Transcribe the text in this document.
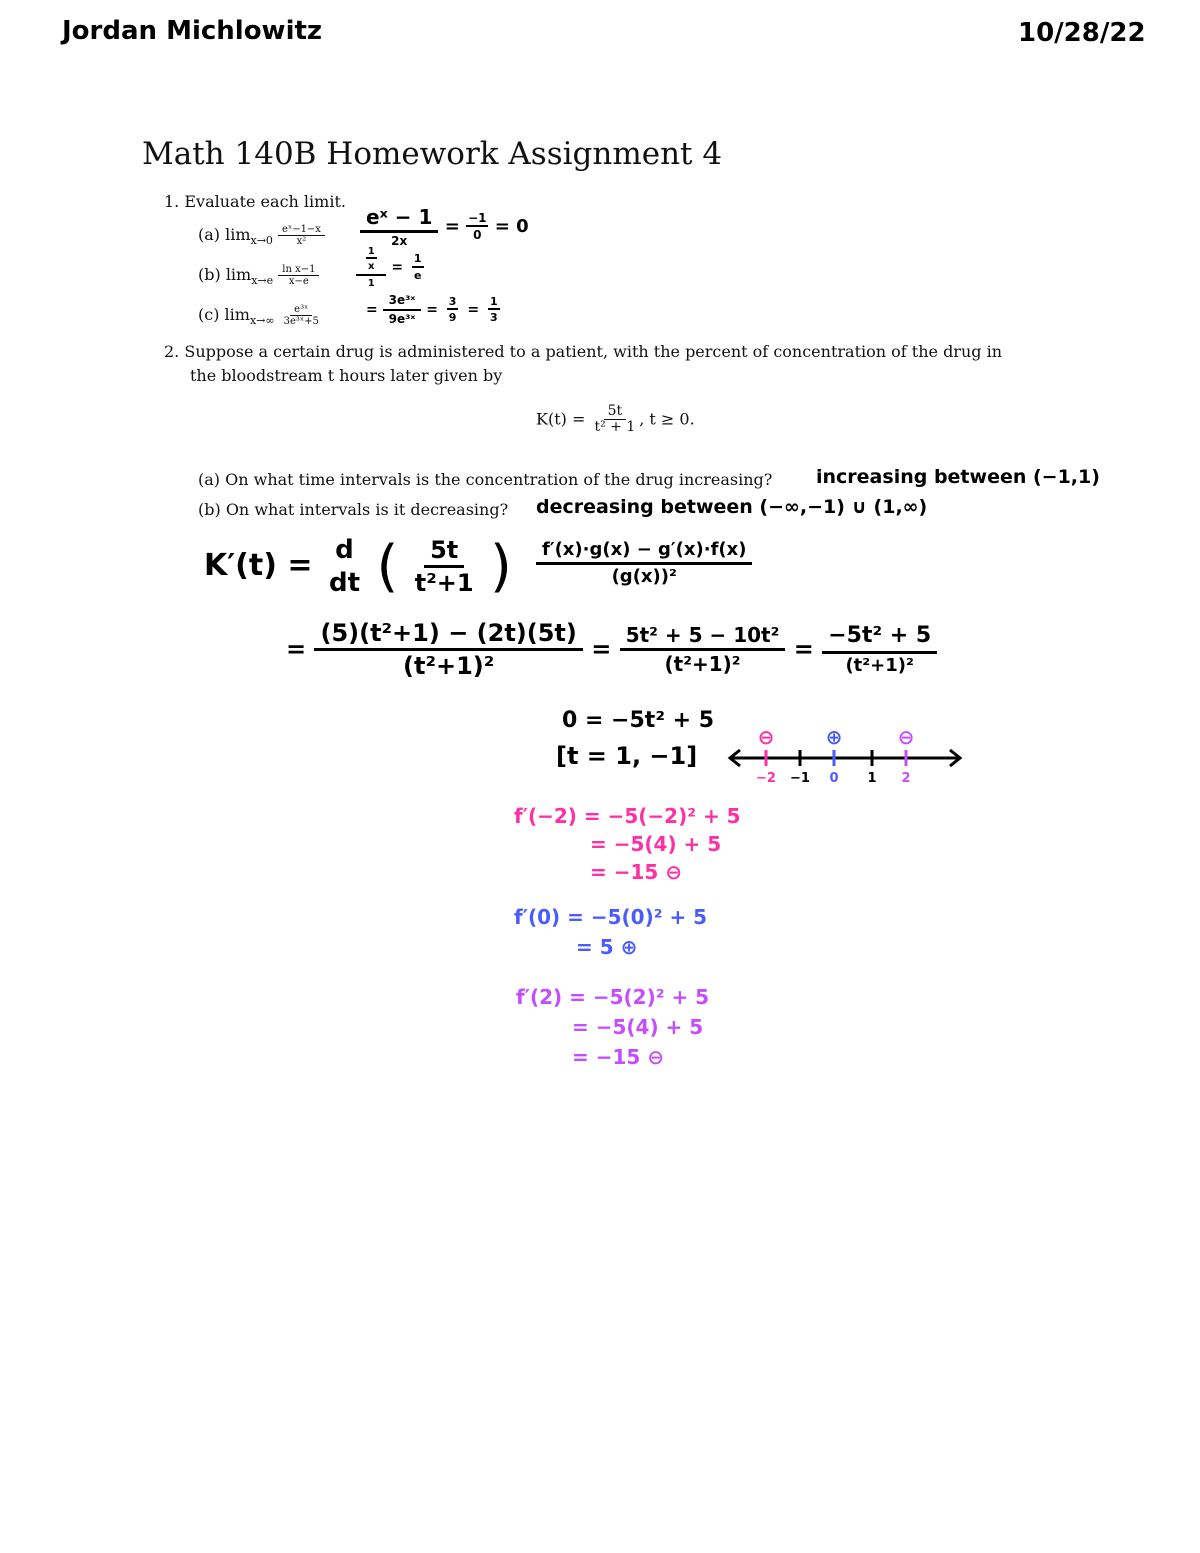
Jordan Michlowitz	10/28/22
Math 140B Homework Assignment 4
1. Evaluate each limit.
(a) $\lim_{x\to 0} \frac{\text{eˣ−1−x}}{\text{x²}} \frac{\text{eˣ − 1}}{2x} = \frac{-1}{0} = 0$
(b) $\lim_{x\to e} \frac{\text{ln x−1}}{x-e}$	$\frac{\frac{1}{x}}{1} = \frac{1}{e}$
(c) $\lim_{x\to\infty} \frac{\text{e³ˣ}}{\text{3e³ˣ+5}}$	= $\frac{\text{3e³ˣ}}{\text{9e³ˣ}} = \frac{3}{9} = \frac{1}{3}$
2. Suppose a certain drug is administered to a patient, with the percent of concentration of the drug in
the bloodstream t hours later given by
$K(t) = \frac{5t}{\text{t² + 1}}$ , t ≥ 0.
(a) On what time intervals is the concentration of the drug increasing? increasing between (−1,1)
(b) On what intervals is it decreasing? decreasing between (−∞,−1) ∪ (1,∞)
K′(t) = d
dt ( $\frac{5t}{\text{t²+1}}$ ) $\frac{f'(x)\cdot g(x) - g'(x)\cdot f(x)}{\text{(g(x))²}}$
= $\frac{\text{(5)(t²+1) − (2t)(5t)}}{\text{(t²+1)²}} = \frac{\text{5t² + 5 − 10t²}}{\text{(t²+1)²}} = \frac{\text{−5t² + 5}}{\text{(t²+1)²}}$
0 = −5t² + 5
[t = 1, −1]
−2 −1 0 1 2
⊖	⊕	⊖
f′(−2) = −5(−2)² + 5
= −5(4) + 5
= −15 ⊖
f′(0) = −5(0)² + 5
= 5 ⊕
f′(2) = −5(2)² + 5
= −5(4) + 5
= −15 ⊖
